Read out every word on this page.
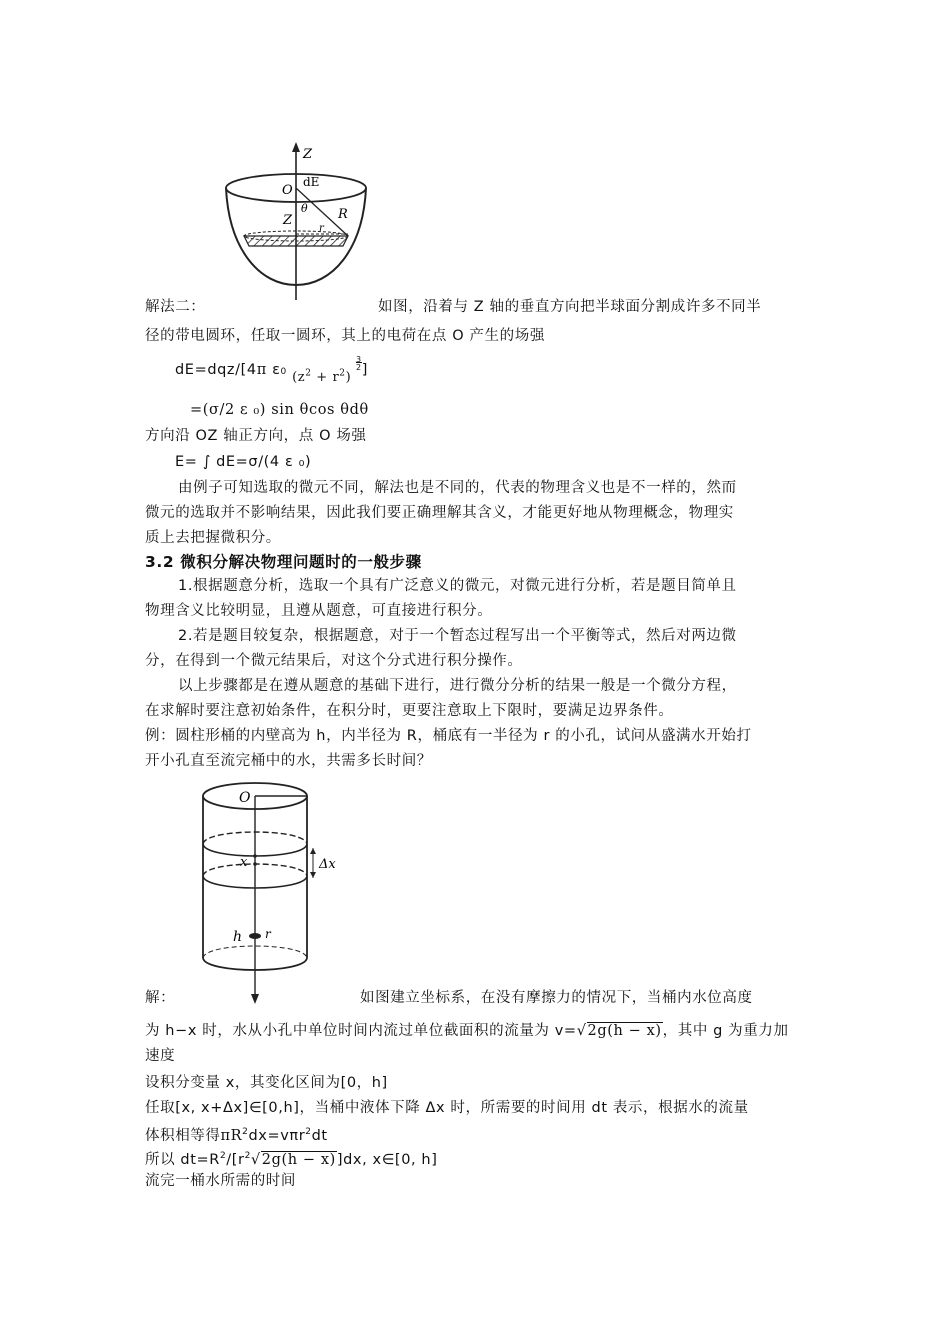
Z
O
dE
θ
Z	R
r
解法二：	如图，沿着与 Z 轴的垂直方向把半球面分割成许多不同半
径的带电圆环，任取一圆环，其上的电荷在点 O 产生的场强
dE=dqz/[4π ε0 $(z^2 + r^2) \frac{3}{2}$]
=(σ/2 ε ₀) sin θcos θdθ
方向沿 OZ 轴正方向，点 O 场强
E= ∫ dE=σ/(4 ε ₀)
由例子可知选取的微元不同，解法也是不同的，代表的物理含义也是不一样的，然而
微元的选取并不影响结果，因此我们要正确理解其含义，才能更好地从物理概念，物理实
质上去把握微积分。
3.2 微积分解决物理问题时的一般步骤
1.根据题意分析，选取一个具有广泛意义的微元，对微元进行分析，若是题目简单且
物理含义比较明显，且遵从题意，可直接进行积分。
2.若是题目较复杂，根据题意，对于一个暂态过程写出一个平衡等式，然后对两边微
分，在得到一个微元结果后，对这个分式进行积分操作。
以上步骤都是在遵从题意的基础下进行，进行微分分析的结果一般是一个微分方程，
在求解时要注意初始条件，在积分时，更要注意取上下限时，要满足边界条件。
例：圆柱形桶的内壁高为 h，内半径为 R，桶底有一半径为 r 的小孔，试问从盛满水开始打
开小孔直至流完桶中的水，共需多长时间？
O
x	Δx
h r
解：	如图建立坐标系，在没有摩擦力的情况下，当桶内水位高度
为 h−x 时，水从小孔中单位时间内流过单位截面积的流量为 v=√2g(h − x)，其中 g 为重力加
速度
设积分变量 x，其变化区间为[0，h]
任取[x, x+Δx]∈[0,h]，当桶中液体下降 Δx 时，所需要的时间用 dt 表示，根据水的流量
体积相等得$\pi R^2dx=v\pi r^2dt$
所以 $dt=R^2/[r^2√2g(h - x)]dx$, x∈[0, h]
流完一桶水所需的时间
